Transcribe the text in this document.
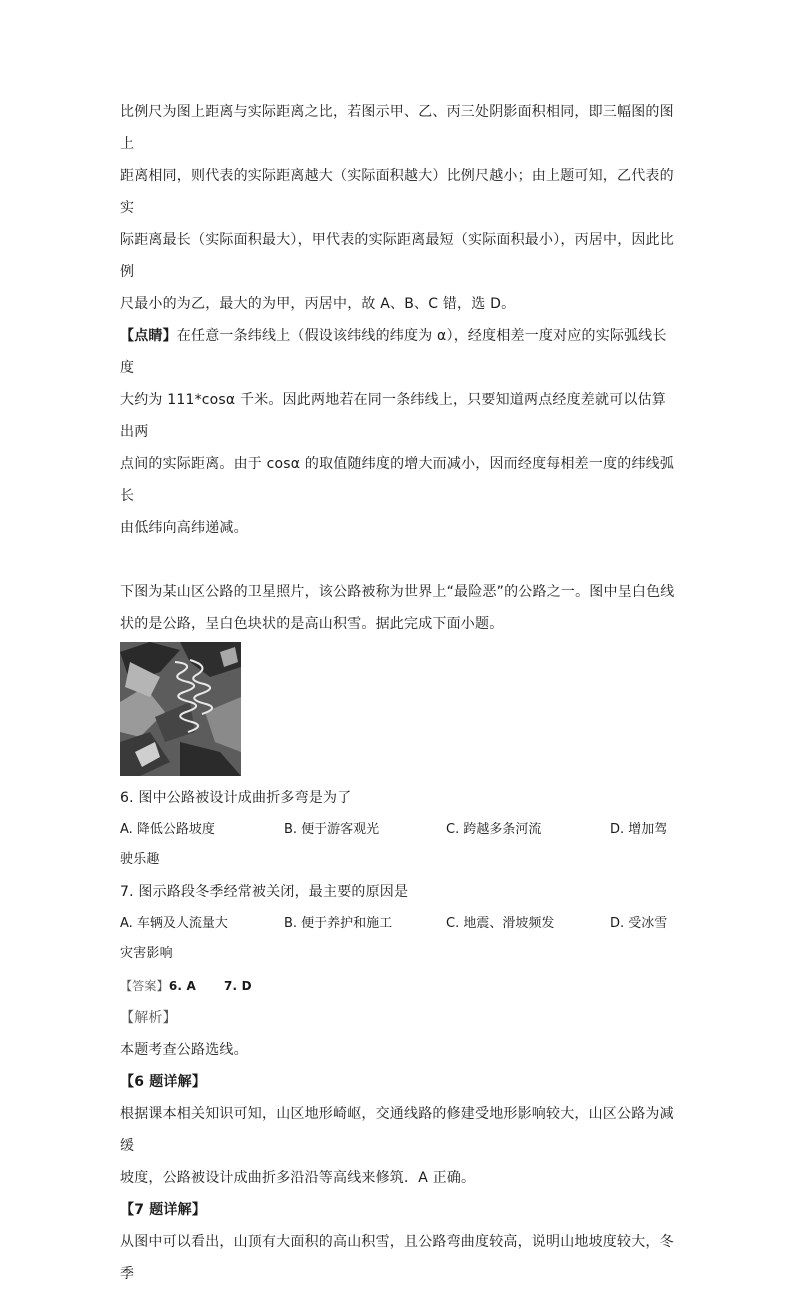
比例尺为图上距离与实际距离之比，若图示甲、乙、丙三处阴影面积相同，即三幅图的图上

距离相同，则代表的实际距离越大（实际面积越大）比例尺越小；由上题可知，乙代表的实

际距离最长（实际面积最大），甲代表的实际距离最短（实际面积最小），丙居中，因此比例

尺最小的为乙，最大的为甲，丙居中，故 A、B、C 错，选 D。

【点睛】在任意一条纬线上（假设该纬线的纬度为 α），经度相差一度对应的实际弧线长度

大约为 111*cosα 千米。因此两地若在同一条纬线上，只要知道两点经度差就可以估算出两

点间的实际距离。由于 cosα 的取值随纬度的增大而减小，因而经度每相差一度的纬线弧长

由低纬向高纬递减。

下图为某山区公路的卫星照片，该公路被称为世界上“最险恶”的公路之一。图中呈白色线

状的是公路，呈白色块状的是高山积雪。据此完成下面小题。

6. 图中公路被设计成曲折多弯是为了

A. 降低公路坡度	B. 便于游客观光	C. 跨越多条河流	D. 增加驾

驶乐趣

7. 图示路段冬季经常被关闭，最主要的原因是

A. 车辆及人流量大	B. 便于养护和施工	C. 地震、滑坡频发	D. 受冰雪

灾害影响

【答案】6. A 7. D

【解析】

本题考查公路选线。

【6 题详解】

根据课本相关知识可知，山区地形崎岖，交通线路的修建受地形影响较大，山区公路为减缓

坡度，公路被设计成曲折多沿沿等高线来修筑．A 正确。

【7 题详解】

从图中可以看出，山顶有大面积的高山积雪，且公路弯曲度较高，说明山地坡度较大，冬季
